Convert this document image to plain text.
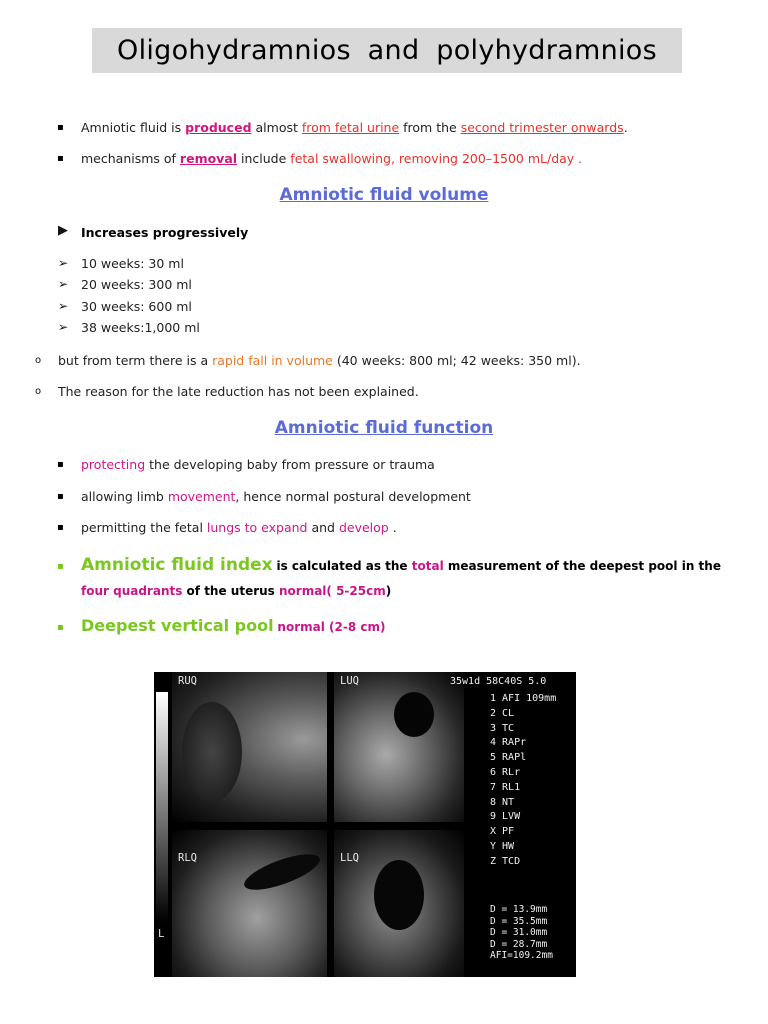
Oligohydramnios and polyhydramnios
▪ Amniotic fluid is produced almost from fetal urine from the second trimester onwards.
▪ mechanisms of removal include fetal swallowing, removing 200–1500 mL/day .
Amniotic fluid volume
▶ Increases progressively
➢ 10 weeks: 30 ml
➢ 20 weeks: 300 ml
➢ 30 weeks: 600 ml
➢ 38 weeks:1,000 ml
o but from term there is a rapid fall in volume (40 weeks: 800 ml; 42 weeks: 350 ml).
o The reason for the late reduction has not been explained.
Amniotic fluid function
▪ protecting the developing baby from pressure or trauma
▪ allowing limb movement, hence normal postural development
▪ permitting the fetal lungs to expand and develop .
▪ Amniotic fluid index is calculated as the total measurement of the deepest pool in the
four quadrants of the uterus normal( 5-25cm)
▪ Deepest vertical pool normal (2-8 cm)
L
RUQ	LUQ
RLQ	LLQ
35w1d 58C40S 5.0
1 AFI 109mm
2 CL
3 TC
4 RAPr
5 RAPl
6 RLr
7 RL1
8 NT
9 LVW
X PF
Y HW
Z TCD
D = 13.9mm
D = 35.5mm
D = 31.0mm
D = 28.7mm
AFI=109.2mm
